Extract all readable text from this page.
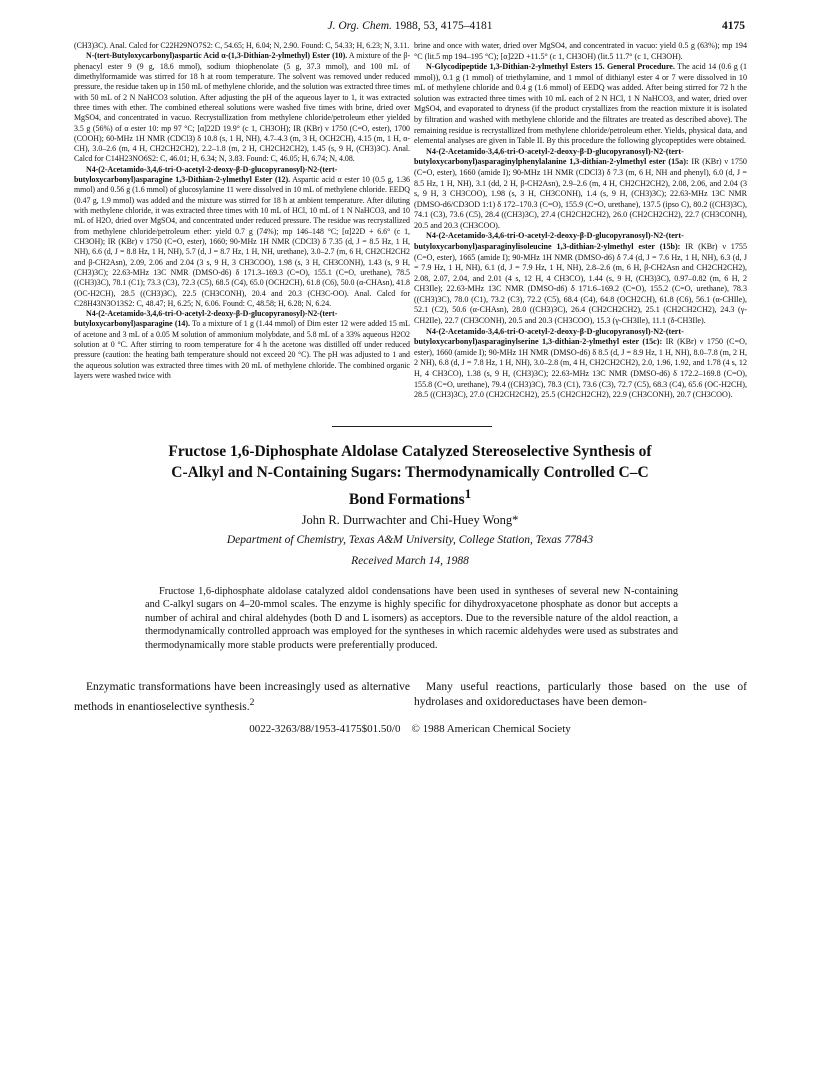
J. Org. Chem. 1988, 53, 4175–4181	4175

(CH3)3C). Anal. Calcd for C22H29NO7S2: C, 54.65; H, 6.04; N, 2.90. Found: C, 54.33; H, 6.23; N, 3.11.

N-(tert-Butyloxycarbonyl)aspartic Acid α-(1,3-Dithian-2-ylmethyl) Ester (10). A mixture of the β-phenacyl ester 9 (9 g, 18.6 mmol), sodium thiophenolate (5 g, 37.3 mmol), and 100 mL of dimethylformamide was stirred for 18 h at room temperature. The solvent was removed under reduced pressure, the residue taken up in 150 mL of methylene chloride, and the solution was extracted three times with 50 mL of 2 N NaHCO3 solution. After adjusting the pH of the aqueous layer to 1, it was extracted three times with ether. The combined ethereal solutions were washed five times with brine, dried over MgSO4, and concentrated in vacuo. Recrystallization from methylene chloride/petroleum ether yielded 3.5 g (56%) of α ester 10: mp 97 °C; [α]22D 19.9° (c 1, CH3OH); IR (KBr) ν 1750 (C=O, ester), 1700 (COOH); 60-MHz 1H NMR (CDCl3) δ 10.8 (s, 1 H, NH), 4.7–4.3 (m, 3 H, OCH2CH), 4.15 (m, 1 H, α-CH), 3.0–2.6 (m, 4 H, CH2CH2CH2), 2.2–1.8 (m, 2 H, CH2CH2CH2), 1.45 (s, 9 H, (CH3)3C). Anal. Calcd for C14H23NO6S2: C, 46.01; H, 6.34; N, 3.83. Found: C, 46.05; H, 6.74; N, 4.08.

N4-(2-Acetamido-3,4,6-tri-O-acetyl-2-deoxy-β-D-glucopyranosyl)-N2-(tert-butyloxycarbonyl)asparagine 1,3-Dithian-2-ylmethyl Ester (12). Aspartic acid α ester 10 (0.5 g, 1.36 mmol) and 0.56 g (1.6 mmol) of glucosylamine 11 were dissolved in 10 mL of methylene chloride. EEDQ (0.47 g, 1.9 mmol) was added and the mixture was stirred for 18 h at ambient temperature. After diluting with methylene chloride, it was extracted three times with 10 mL of HCl, 10 mL of 1 N NaHCO3, and 10 mL of H2O, dried over MgSO4, and concentrated under reduced pressure. The residue was recrystallized from methylene chloride/petroleum ether: yield 0.7 g (74%); mp 146–148 °C; [α]22D + 6.6° (c 1, CH3OH); IR (KBr) ν 1750 (C=O, ester), 1660; 90-MHz 1H NMR (CDCl3) δ 7.35 (d, J = 8.5 Hz, 1 H, NH), 6.6 (d, J = 8.8 Hz, 1 H, NH), 5.7 (d, J = 8.7 Hz, 1 H, NH, urethane), 3.0–2.7 (m, 6 H, CH2CH2CH2 and β-CH2Asn), 2.09, 2.06 and 2.04 (3 s, 9 H, 3 CH3COO), 1.98 (s, 3 H, CH3CONH), 1.43 (s, 9 H, (CH3)3C); 22.63-MHz 13C NMR (DMSO-d6) δ 171.3–169.3 (C=O), 155.1 (C=O, urethane), 78.5 ((CH3)3C), 78.1 (C1); 73.3 (C3), 72.3 (C5), 68.5 (C4), 65.0 (OCH2CH), 61.8 (C6), 50.0 (α-CHAsn), 41.8 (OC-H2CH), 28.5 ((CH3)3C), 22.5 (CH3CONH), 20.4 and 20.3 (CH3C-OO). Anal. Calcd for C28H43N3O13S2: C, 48.47; H, 6.25; N, 6.06. Found: C, 48.58; H, 6.28; N, 6.24.

N4-(2-Acetamido-3,4,6-tri-O-acetyl-2-deoxy-β-D-glucopyranosyl)-N2-(tert-butyloxycarbonyl)asparagine (14). To a mixture of 1 g (1.44 mmol) of Dim ester 12 were added 15 mL of acetone and 3 mL of a 0.05 M solution of ammonium molybdate, and 5.8 mL of a 33% aqueous H2O2 solution at 0 °C. After stirring to room temperature for 4 h the acetone was distilled off under reduced pressure (caution: the heating bath temperature should not exceed 20 °C). The pH was adjusted to 1 and the aqueous solution was extracted three times with 20 mL of methylene chloride. The combined organic layers were washed twice with

brine and once with water, dried over MgSO4, and concentrated in vacuo: yield 0.5 g (63%); mp 194 °C (lit.5 mp 194–195 °C); [α]22D +11.5° (c 1, CH3OH) (lit.5 11.7° (c 1, CH3OH).

N-Glycodipeptide 1,3-Dithian-2-ylmethyl Esters 15. General Procedure. The acid 14 (0.6 g (1 mmol)), 0.1 g (1 mmol) of triethylamine, and 1 mmol of dithianyl ester 4 or 7 were dissolved in 10 mL of methylene chloride and 0.4 g (1.6 mmol) of EEDQ was added. After being stirred for 72 h the solution was extracted three times with 10 mL each of 2 N HCl, 1 N NaHCO3, and water, dried over MgSO4, and evaporated to dryness (if the product crystallizes from the reaction mixture it is isolated by filtration and washed with methylene chloride and the filtrates are treated as described above). The remaining residue is recrystallized from methylene chloride/petroleum ether. Yields, physical data, and elemental analyses are given in Table II. By this procedure the following glycopeptides were obtained.

N4-(2-Acetamido-3,4,6-tri-O-acetyl-2-deoxy-β-D-glucopyranosyl)-N2-(tert-butyloxycarbonyl)asparaginylphenylalanine 1,3-dithian-2-ylmethyl ester (15a): IR (KBr) ν 1750 (C=O, ester), 1660 (amide I); 90-MHz 1H NMR (CDCl3) δ 7.3 (m, 6 H, NH and phenyl), 6.0 (d, J = 8.5 Hz, 1 H, NH), 3.1 (dd, 2 H, β-CH2Asn), 2.9–2.6 (m, 4 H, CH2CH2CH2), 2.08, 2.06, and 2.04 (3 s, 9 H, 3 CH3COO), 1.98 (s, 3 H, CH3CONH), 1.4 (s, 9 H, (CH3)3C); 22.63-MHz 13C NMR (DMSO-d6/CD3OD 1:1) δ 172–170.3 (C=O), 155.9 (C=O, urethane), 137.5 (ipso C), 80.2 ((CH3)3C), 74.1 (C3), 73.6 (C5), 28.4 ((CH3)3C), 27.4 (CH2CH2CH2), 26.0 (CH2CH2CH2), 22.7 (CH3CONH), 20.5 and 20.3 (CH3COO).

N4-(2-Acetamido-3,4,6-tri-O-acetyl-2-deoxy-β-D-glucopyranosyl)-N2-(tert-butyloxycarbonyl)asparaginylisoleucine 1,3-dithian-2-ylmethyl ester (15b): IR (KBr) ν 1755 (C=O, ester), 1665 (amide I); 90-MHz 1H NMR (DMSO-d6) δ 7.4 (d, J = 7.6 Hz, 1 H, NH), 6.3 (d, J = 7.9 Hz, 1 H, NH), 6.1 (d, J = 7.9 Hz, 1 H, NH), 2.8–2.6 (m, 6 H, β-CH2Asn and CH2CH2CH2), 2.08, 2.07, 2.04, and 2.01 (4 s, 12 H, 4 CH3CO), 1.44 (s, 9 H, (CH3)3C), 0.97–0.82 (m, 6 H, 2 CH3Ile); 22.63-MHz 13C NMR (DMSO-d6) δ 171.6–169.2 (C=O), 155.2 (C=O, urethane), 78.3 ((CH3)3C), 78.0 (C1), 73.2 (C3), 72.2 (C5), 68.4 (C4), 64.8 (OCH2CH), 61.8 (C6), 56.1 (α-CHIle), 52.1 (C2), 50.6 (α-CHAsn), 28.0 ((CH3)3C), 26.4 (CH2CH2CH2), 25.1 (CH2CH2CH2), 24.3 (γ-CH2Ile), 22.7 (CH3CONH), 20.5 and 20.3 (CH3COO), 15.3 (γ-CH3Ile), 11.1 (δ-CH3Ile).

N4-(2-Acetamido-3,4,6-tri-O-acetyl-2-deoxy-β-D-glucopyranosyl)-N2-(tert-butyloxycarbonyl)asparaginylserine 1,3-dithian-2-ylmethyl ester (15c): IR (KBr) ν 1750 (C=O, ester), 1660 (amide I); 90-MHz 1H NMR (DMSO-d6) δ 8.5 (d, J = 8.9 Hz, 1 H, NH), 8.0–7.8 (m, 2 H, 2 NH), 6.8 (d, J = 7.8 Hz, 1 H, NH), 3.0–2.8 (m, 4 H, CH2CH2CH2), 2.0, 1.96, 1.92, and 1.78 (4 s, 12 H, 4 CH3CO), 1.38 (s, 9 H, (CH3)3C); 22.63-MHz 13C NMR (DMSO-d6) δ 172.2–169.8 (C=O), 155.8 (C=O, urethane), 79.4 ((CH3)3C), 78.3 (C1), 73.6 (C3), 72.7 (C5), 68.3 (C4), 65.6 (OC-H2CH), 28.5 ((CH3)3C), 27.0 (CH2CH2CH2), 25.5 (CH2CH2CH2), 22.9 (CH3CONH), 20.7 (CH3COO).

Fructose 1,6-Diphosphate Aldolase Catalyzed Stereoselective Synthesis of
C-Alkyl and N-Containing Sugars: Thermodynamically Controlled C–C
Bond Formations$^1$
John R. Durrwachter and Chi-Huey Wong*
Department of Chemistry, Texas A&M University, College Station, Texas 77843
Received March 14, 1988
Fructose 1,6-diphosphate aldolase catalyzed aldol condensations have been used in syntheses of several new N-containing and C-alkyl sugars on 4–20-mmol scales. The enzyme is highly specific for dihydroxyacetone phosphate as donor but accepts a number of achiral and chiral aldehydes (both D and L isomers) as acceptors. Due to the reversible nature of the aldol reaction, a thermodynamically controlled approach was employed for the syntheses in which racemic aldehydes were used as substrates and thermodynamically more stable products were preferentially produced.
Enzymatic transformations have been increasingly used as alternative methods in enantioselective synthesis.$^2$
Many useful reactions, particularly those based on the use of hydrolases and oxidoreductases have been demon-
0022-3263/88/1953-4175$01.50/0 © 1988 American Chemical Society
